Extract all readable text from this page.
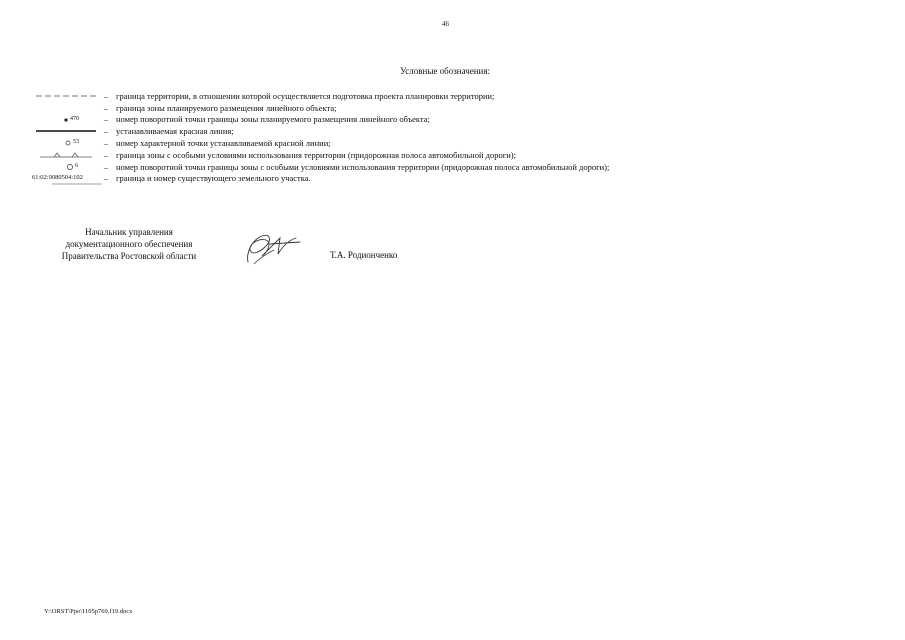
46
Условные обозначения:
– граница территории, в отношении которой осуществляется подготовка проекта планировки территории;
– граница зоны планируемого размещения линейного объекта;
470	– номер поворотной точки границы зоны планируемого размещения линейного объекта;
– устанавливаемая красная линия;
53	– номер характерной точки устанавливаемой красной линии;
– граница зоны с особыми условиями использования территории (придорожная полоса автомобильной дороги);
6	– номер поворотной точки границы зоны с особыми условиями использования территории (придорожная полоса автомобильной дороги);
61:02:0080504:102	– граница и номер существующего земельного участка.
Начальник управления
документационного обеспечения
Правительства Ростовской области	Т.А. Родионченко
Y:\ORST\Ppo\1105p769.f19.docx
